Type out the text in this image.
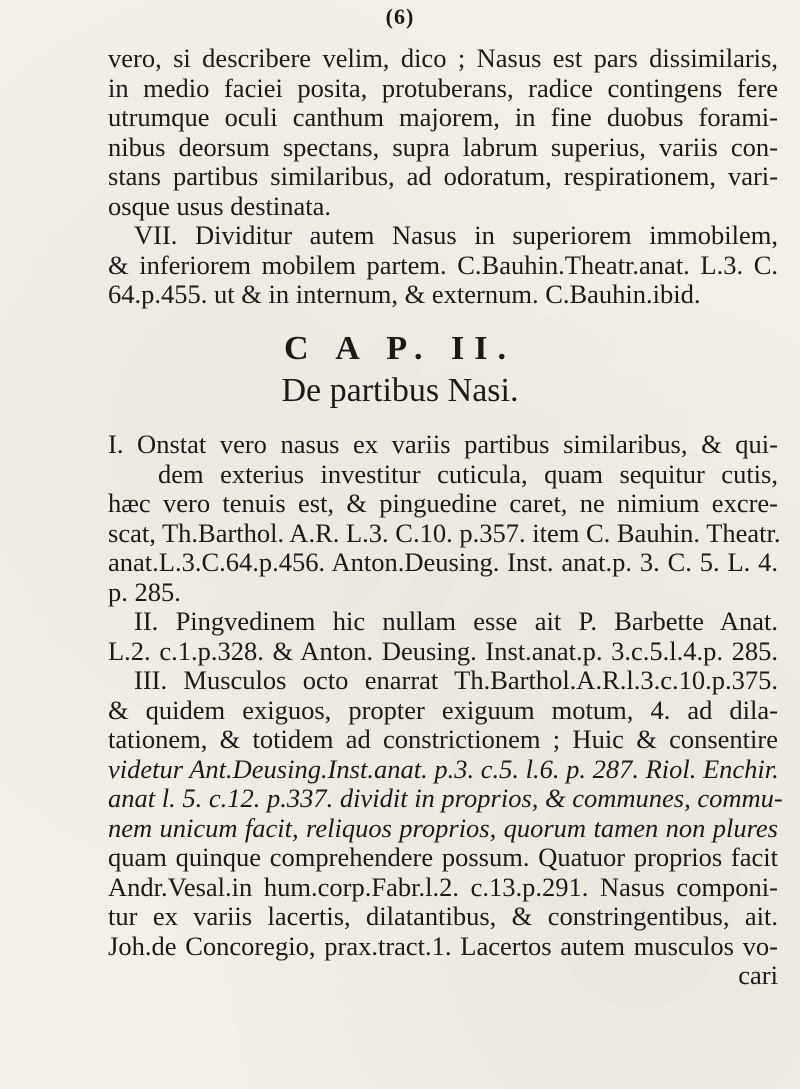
(6)
vero, si describere velim, dico ; Nasus est pars dissimilaris,
in medio faciei posita, protuberans, radice contingens fere
utrumque oculi canthum majorem, in fine duobus forami-
nibus deorsum spectans, supra labrum superius, variis con-
stans partibus similaribus, ad odoratum, respirationem, vari-
osque usus destinata.
VII. Dividitur autem Nasus in superiorem immobilem,
& inferiorem mobilem partem. C.Bauhin.Theatr.anat. L.3. C.
64.p.455. ut & in internum, & externum. C.Bauhin.ibid.
C A P. II.
De partibus Nasi.
I. Onstat vero nasus ex variis partibus similaribus, & qui-
dem exterius investitur cuticula, quam sequitur cutis,
hæc vero tenuis est, & pinguedine caret, ne nimium excre-
scat, Th.Barthol. A.R. L.3. C.10. p.357. item C. Bauhin. Theatr.
anat.L.3.C.64.p.456. Anton.Deusing. Inst. anat.p. 3. C. 5. L. 4.
p. 285.
II. Pingvedinem hic nullam esse ait P. Barbette Anat.
L.2. c.1.p.328. & Anton. Deusing. Inst.anat.p. 3.c.5.l.4.p. 285.
III. Musculos octo enarrat Th.Barthol.A.R.l.3.c.10.p.375.
& quidem exiguos, propter exiguum motum, 4. ad dila-
tationem, & totidem ad constrictionem ; Huic & consentire
videtur Ant.Deusing.Inst.anat. p.3. c.5. l.6. p. 287. Riol. Enchir.
anat l. 5. c.12. p.337. dividit in proprios, & communes, commu-
nem unicum facit, reliquos proprios, quorum tamen non plures
quam quinque comprehendere possum. Quatuor proprios facit
Andr.Vesal.in hum.corp.Fabr.l.2. c.13.p.291. Nasus componi-
tur ex variis lacertis, dilatantibus, & constringentibus, ait.
Joh.de Concoregio, prax.tract.1. Lacertos autem musculos vo-
cari
